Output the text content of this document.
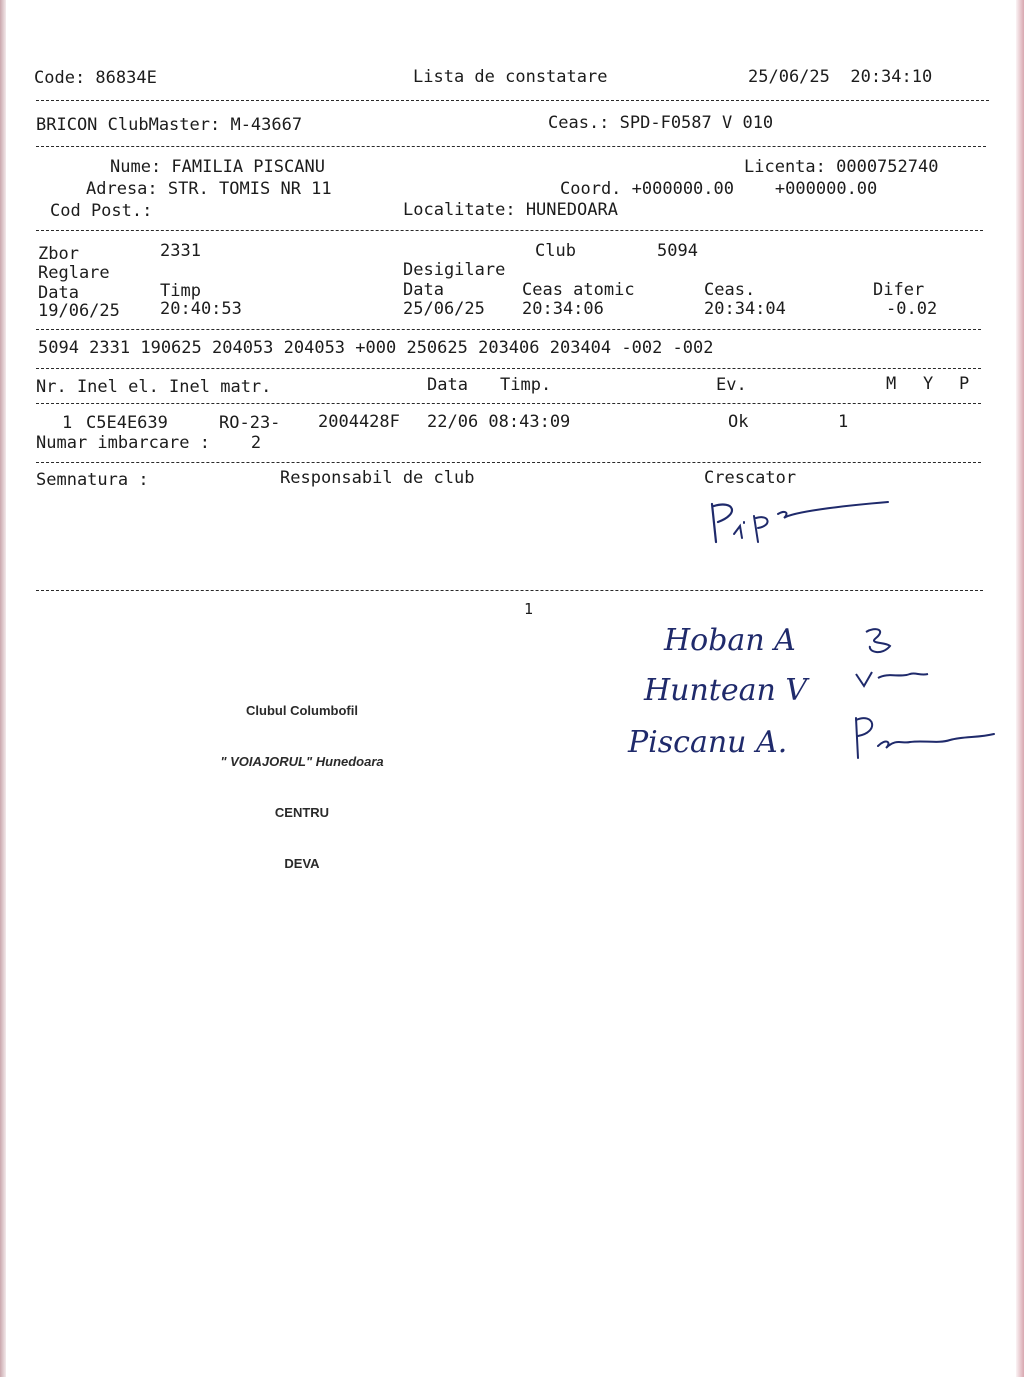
Code: 86834E	Lista de constatare	25/06/25  20:34:10
BRICON ClubMaster: M-43667	Ceas.: SPD-F0587 V 010
Nume: FAMILIA PISCANU	Licenta: 0000752740
Adresa: STR. TOMIS NR 11	Coord. +000000.00    +000000.00
Cod Post.:	Localitate: HUNEDOARA
Zbor	2331	Club	5094
Reglare	Desigilare
Data	Timp	Data	Ceas atomic	Ceas.	Difer
19/06/25 20:40:53	25/06/25 20:34:06	20:34:04	-0.02
5094 2331 190625 204053 204053 +000 250625 203406 203404 -002 -002
Nr. Inel el. Inel matr.	Data Timp.	Ev.	M Y P
1 C5E4E639	RO-23- 2004428F 22/06 08:43:09	Ok	1
Numar imbarcare :    2
Semnatura :	Responsabil de club	Crescator
1

Clubul Columbofil

" VOIAJORUL" Hunedoara

CENTRU

DEVA

Hoban A
Huntean V
Piscanu A.
